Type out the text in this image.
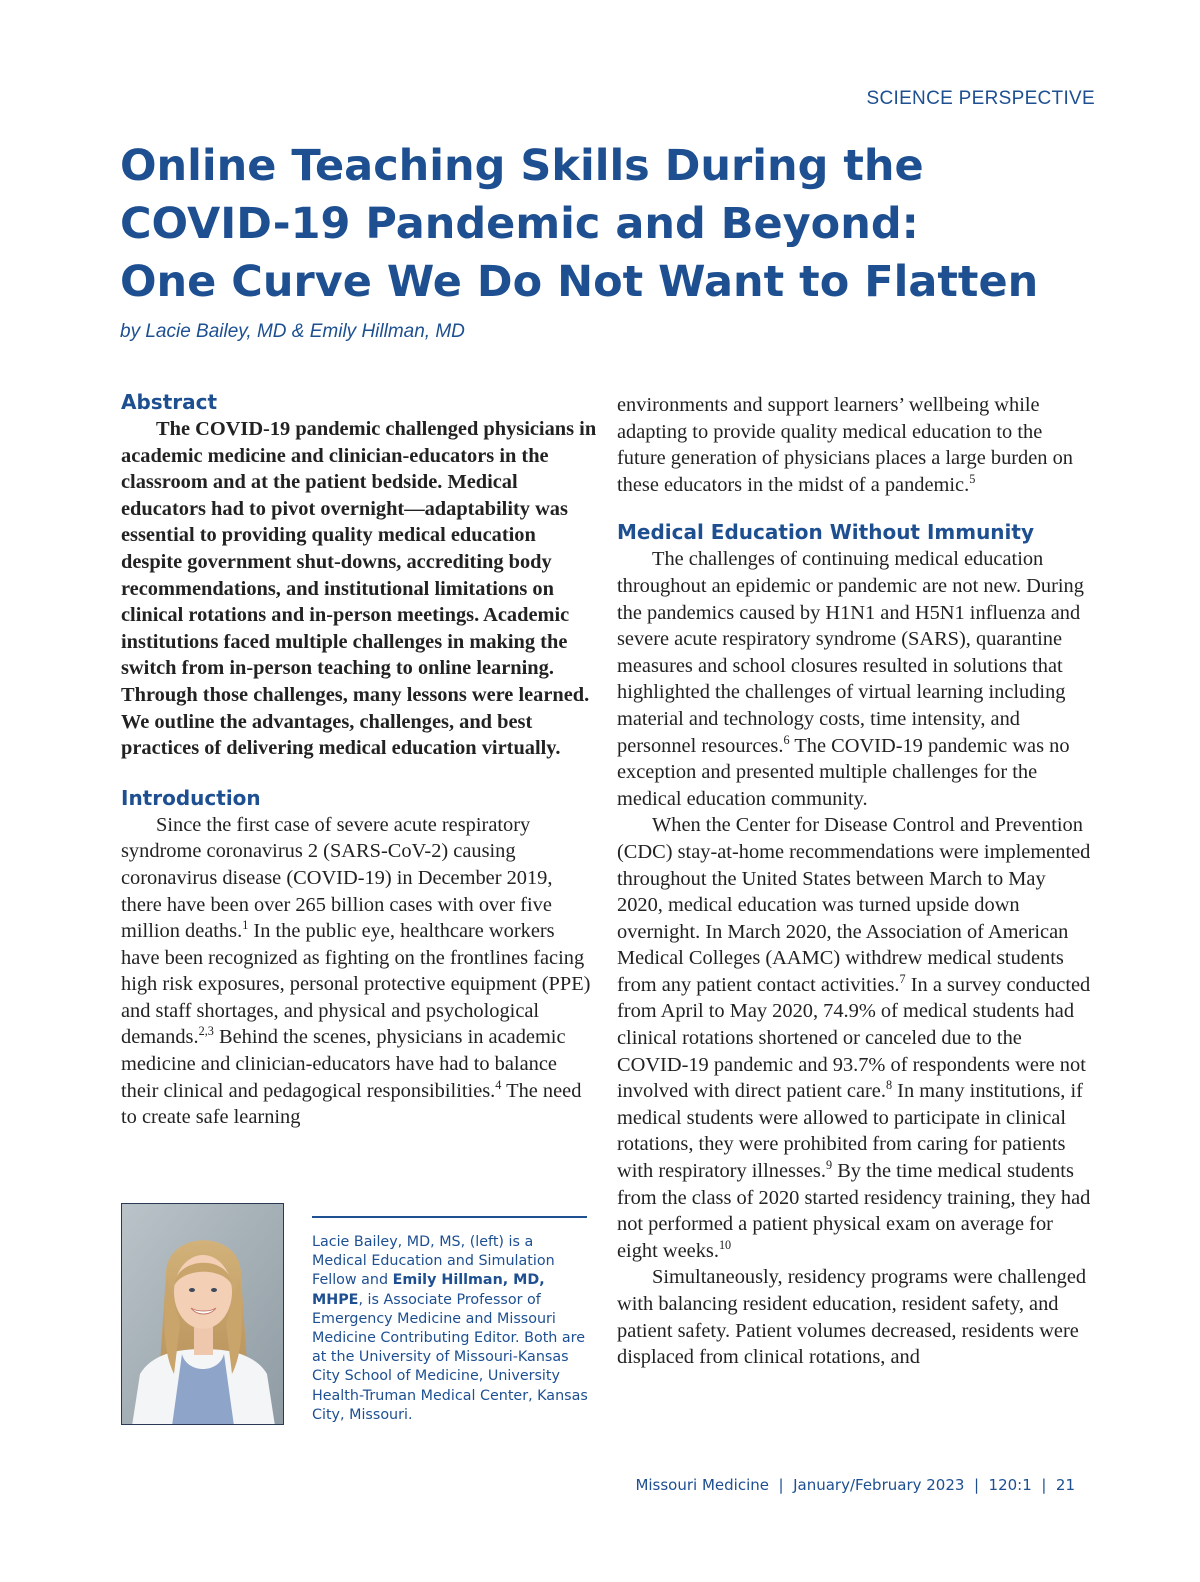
SCIENCE PERSPECTIVE
Online Teaching Skills During the
COVID-19 Pandemic and Beyond:
One Curve We Do Not Want to Flatten
by Lacie Bailey, MD & Emily Hillman, MD
Abstract

The COVID-19 pandemic challenged physicians in academic medicine and clinician-educators in the classroom and at the patient bedside. Medical educators had to pivot overnight—adaptability was essential to providing quality medical education despite government shut-downs, accrediting body recommendations, and institutional limitations on clinical rotations and in-person meetings. Academic institutions faced multiple challenges in making the switch from in-person teaching to online learning. Through those challenges, many lessons were learned. We outline the advantages, challenges, and best practices of delivering medical education virtually.

Introduction

Since the first case of severe acute respiratory syndrome coronavirus 2 (SARS-CoV-2) causing coronavirus disease (COVID-19) in December 2019, there have been over 265 billion cases with over five million deaths.$^1$ In the public eye, healthcare workers have been recognized as fighting on the frontlines facing high risk exposures, personal protective equipment (PPE) and staff shortages, and physical and psychological demands.$^{2,3}$ Behind the scenes, physicians in academic medicine and clinician-educators have had to balance their clinical and pedagogical responsibilities.$^4$ The need to create safe learning

Lacie Bailey, MD, MS, (left) is a Medical Education and Simulation Fellow and Emily Hillman, MD, MHPE, is Associate Professor of Emergency Medicine and Missouri Medicine Contributing Editor. Both are at the University of Missouri-Kansas City School of Medicine, University Health-Truman Medical Center, Kansas City, Missouri.

environments and support learners’ wellbeing while adapting to provide quality medical education to the future generation of physicians places a large burden on these educators in the midst of a pandemic.$^5$

Medical Education Without Immunity

The challenges of continuing medical education throughout an epidemic or pandemic are not new. During the pandemics caused by H1N1 and H5N1 influenza and severe acute respiratory syndrome (SARS), quarantine measures and school closures resulted in solutions that highlighted the challenges of virtual learning including material and technology costs, time intensity, and personnel resources.$^6$ The COVID-19 pandemic was no exception and presented multiple challenges for the medical education community.

When the Center for Disease Control and Prevention (CDC) stay-at-home recommendations were implemented throughout the United States between March to May 2020, medical education was turned upside down overnight. In March 2020, the Association of American Medical Colleges (AAMC) withdrew medical students from any patient contact activities.$^7$ In a survey conducted from April to May 2020, 74.9% of medical students had clinical rotations shortened or canceled due to the COVID-19 pandemic and 93.7% of respondents were not involved with direct patient care.$^8$ In many institutions, if medical students were allowed to participate in clinical rotations, they were prohibited from caring for patients with respiratory illnesses.$^9$ By the time medical students from the class of 2020 started residency training, they had not performed a patient physical exam on average for eight weeks.$^{10}$

Simultaneously, residency programs were challenged with balancing resident education, resident safety, and patient safety. Patient volumes decreased, residents were displaced from clinical rotations, and

Missouri Medicine  |  January/February 2023  |  120:1  |  21
